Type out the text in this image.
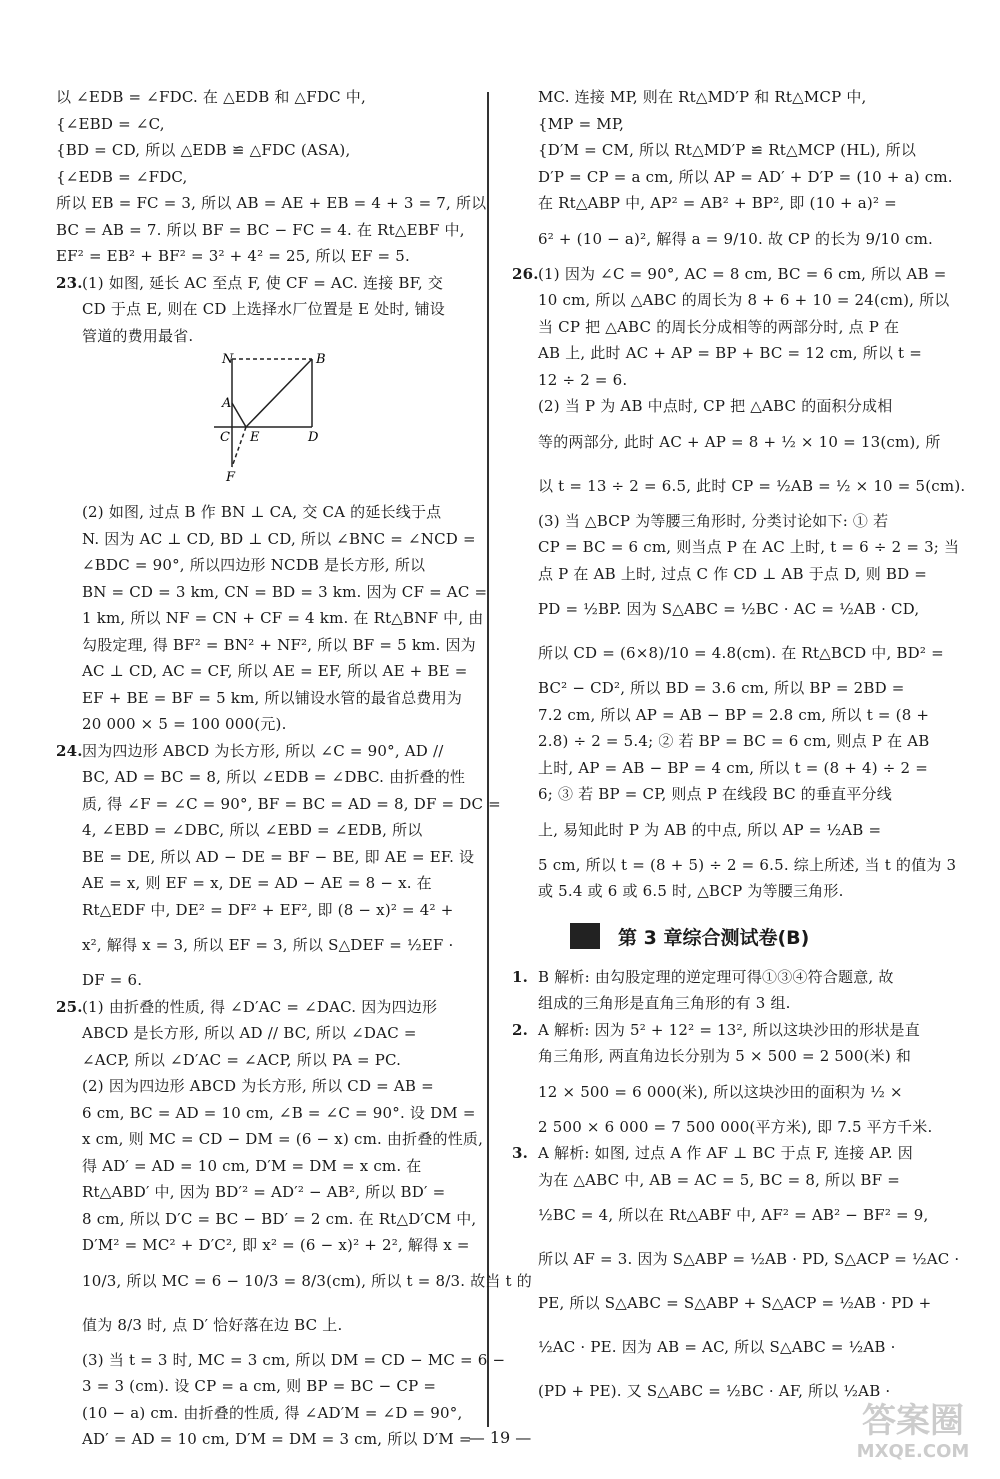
以 ∠EDB = ∠FDC. 在 △EDB 和 △FDC 中,
{∠EBD = ∠C,
{BD = CD, 所以 △EDB ≌ △FDC (ASA),
{∠EDB = ∠FDC,
所以 EB = FC = 3, 所以 AB = AE + EB = 4 + 3 = 7, 所以
BC = AB = 7. 所以 BF = BC − FC = 4. 在 Rt△EBF 中,
EF² = EB² + BF² = 3² + 4² = 25, 所以 EF = 5.
23.(1) 如图, 延长 AC 至点 F, 使 CF = AC. 连接 BF, 交
CD 于点 E, 则在 CD 上选择水厂位置是 E 处时, 铺设
管道的费用最省.
N	B
A
C E	D
F
(2) 如图, 过点 B 作 BN ⊥ CA, 交 CA 的延长线于点
N. 因为 AC ⊥ CD, BD ⊥ CD, 所以 ∠BNC = ∠NCD =
∠BDC = 90°, 所以四边形 NCDB 是长方形, 所以
BN = CD = 3 km, CN = BD = 3 km. 因为 CF = AC =
1 km, 所以 NF = CN + CF = 4 km. 在 Rt△BNF 中, 由
勾股定理, 得 BF² = BN² + NF², 所以 BF = 5 km. 因为
AC ⊥ CD, AC = CF, 所以 AE = EF, 所以 AE + BE =
EF + BE = BF = 5 km, 所以铺设水管的最省总费用为
20 000 × 5 = 100 000(元).
24.因为四边形 ABCD 为长方形, 所以 ∠C = 90°, AD //
BC, AD = BC = 8, 所以 ∠EDB = ∠DBC. 由折叠的性
质, 得 ∠F = ∠C = 90°, BF = BC = AD = 8, DF = DC =
4, ∠EBD = ∠DBC, 所以 ∠EBD = ∠EDB, 所以
BE = DE, 所以 AD − DE = BF − BE, 即 AE = EF. 设
AE = x, 则 EF = x, DE = AD − AE = 8 − x. 在
Rt△EDF 中, DE² = DF² + EF², 即 (8 − x)² = 4² +
x², 解得 x = 3, 所以 EF = 3, 所以 S△DEF = ½EF ·
DF = 6.
25.(1) 由折叠的性质, 得 ∠D′AC = ∠DAC. 因为四边形
ABCD 是长方形, 所以 AD // BC, 所以 ∠DAC =
∠ACP, 所以 ∠D′AC = ∠ACP, 所以 PA = PC.
(2) 因为四边形 ABCD 为长方形, 所以 CD = AB =
6 cm, BC = AD = 10 cm, ∠B = ∠C = 90°. 设 DM =
x cm, 则 MC = CD − DM = (6 − x) cm. 由折叠的性质,
得 AD′ = AD = 10 cm, D′M = DM = x cm. 在
Rt△ABD′ 中, 因为 BD′² = AD′² − AB², 所以 BD′ =
8 cm, 所以 D′C = BC − BD′ = 2 cm. 在 Rt△D′CM 中,
D′M² = MC² + D′C², 即 x² = (6 − x)² + 2², 解得 x =
10/3, 所以 MC = 6 − 10/3 = 8/3(cm), 所以 t = 8/3. 故当 t 的
值为 8/3 时, 点 D′ 恰好落在边 BC 上.
(3) 当 t = 3 时, MC = 3 cm, 所以 DM = CD − MC = 6 −
3 = 3 (cm). 设 CP = a cm, 则 BP = BC − CP =
(10 − a) cm. 由折叠的性质, 得 ∠AD′M = ∠D = 90°,
AD′ = AD = 10 cm, D′M = DM = 3 cm, 所以 D′M =
MC. 连接 MP, 则在 Rt△MD′P 和 Rt△MCP 中,
{MP = MP,
{D′M = CM, 所以 Rt△MD′P ≌ Rt△MCP (HL), 所以
D′P = CP = a cm, 所以 AP = AD′ + D′P = (10 + a) cm.
在 Rt△ABP 中, AP² = AB² + BP², 即 (10 + a)² =
6² + (10 − a)², 解得 a = 9/10. 故 CP 的长为 9/10 cm.
26.(1) 因为 ∠C = 90°, AC = 8 cm, BC = 6 cm, 所以 AB =
10 cm, 所以 △ABC 的周长为 8 + 6 + 10 = 24(cm), 所以
当 CP 把 △ABC 的周长分成相等的两部分时, 点 P 在
AB 上, 此时 AC + AP = BP + BC = 12 cm, 所以 t =
12 ÷ 2 = 6.
(2) 当 P 为 AB 中点时, CP 把 △ABC 的面积分成相
等的两部分, 此时 AC + AP = 8 + ½ × 10 = 13(cm), 所
以 t = 13 ÷ 2 = 6.5, 此时 CP = ½AB = ½ × 10 = 5(cm).
(3) 当 △BCP 为等腰三角形时, 分类讨论如下: ① 若
CP = BC = 6 cm, 则当点 P 在 AC 上时, t = 6 ÷ 2 = 3; 当
点 P 在 AB 上时, 过点 C 作 CD ⊥ AB 于点 D, 则 BD =
PD = ½BP. 因为 S△ABC = ½BC · AC = ½AB · CD,
所以 CD = (6×8)/10 = 4.8(cm). 在 Rt△BCD 中, BD² =
BC² − CD², 所以 BD = 3.6 cm, 所以 BP = 2BD =
7.2 cm, 所以 AP = AB − BP = 2.8 cm, 所以 t = (8 +
2.8) ÷ 2 = 5.4; ② 若 BP = BC = 6 cm, 则点 P 在 AB
上时, AP = AB − BP = 4 cm, 所以 t = (8 + 4) ÷ 2 =
6; ③ 若 BP = CP, 则点 P 在线段 BC 的垂直平分线
上, 易知此时 P 为 AB 的中点, 所以 AP = ½AB =
5 cm, 所以 t = (8 + 5) ÷ 2 = 6.5. 综上所述, 当 t 的值为 3
或 5.4 或 6 或 6.5 时, △BCP 为等腰三角形.
第 3 章综合测试卷(B)
1. B 解析: 由勾股定理的逆定理可得①③④符合题意, 故
组成的三角形是直角三角形的有 3 组.
2. A 解析: 因为 5² + 12² = 13², 所以这块沙田的形状是直
角三角形, 两直角边长分别为 5 × 500 = 2 500(米) 和
12 × 500 = 6 000(米), 所以这块沙田的面积为 ½ ×
2 500 × 6 000 = 7 500 000(平方米), 即 7.5 平方千米.
3. A 解析: 如图, 过点 A 作 AF ⊥ BC 于点 F, 连接 AP. 因
为在 △ABC 中, AB = AC = 5, BC = 8, 所以 BF =
½BC = 4, 所以在 Rt△ABF 中, AF² = AB² − BF² = 9,
所以 AF = 3. 因为 S△ABP = ½AB · PD, S△ACP = ½AC ·
PE, 所以 S△ABC = S△ABP + S△ACP = ½AB · PD +
½AC · PE. 因为 AB = AC, 所以 S△ABC = ½AB ·
(PD + PE). 又 S△ABC = ½BC · AF, 所以 ½AB ·
— 19 —	答案圈
MXQE.COM
